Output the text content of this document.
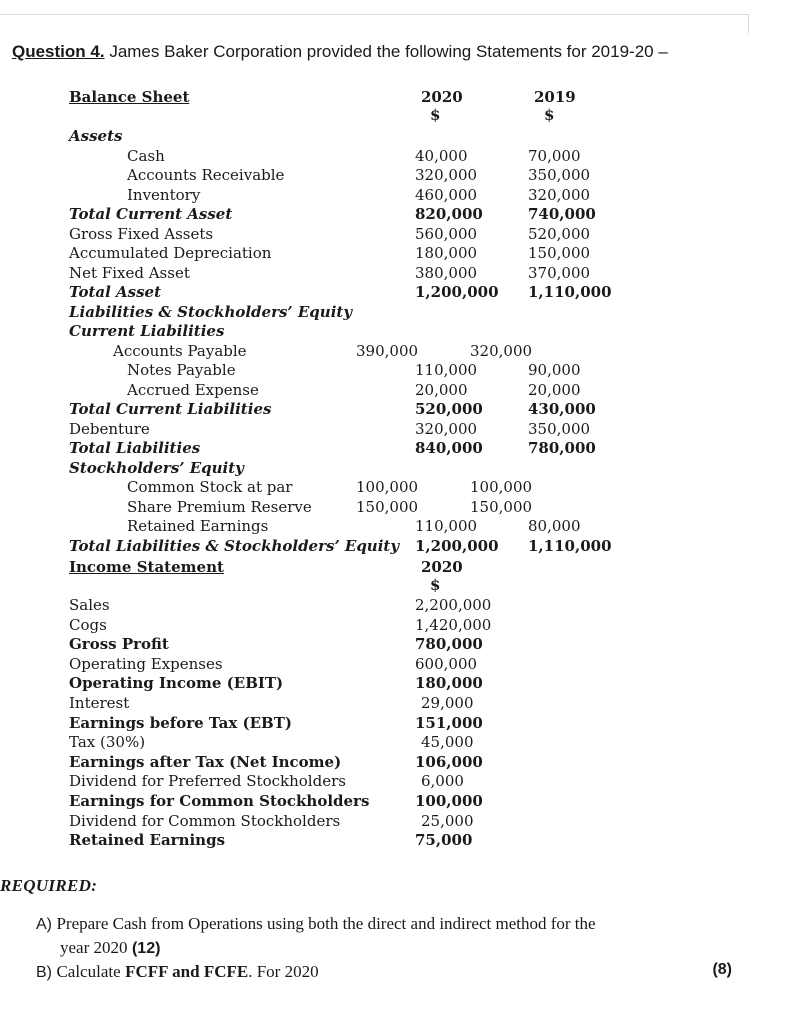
Question 4. James Baker Corporation provided the following Statements for 2019-20 –
Balance Sheet	2020	2019
$	$
Assets
Cash	40,000	70,000
Accounts Receivable	320,000	350,000
Inventory	460,000	320,000
Total Current Asset	820,000	740,000
Gross Fixed Assets	560,000	520,000
Accumulated Depreciation	180,000	150,000
Net Fixed Asset	380,000	370,000
Total Asset	1,200,000 1,110,000
Liabilities & Stockholders’ Equity
Current Liabilities
Accounts Payable	390,000	320,000
Notes Payable	110,000	90,000
Accrued Expense	20,000	20,000
Total Current Liabilities	520,000	430,000
Debenture	320,000	350,000
Total Liabilities	840,000	780,000
Stockholders’ Equity
Common Stock at par	100,000	100,000
Share Premium Reserve	150,000	150,000
Retained Earnings	110,000	80,000
Total Liabilities & Stockholders’ Equity 1,200,000 1,110,000
Income Statement	2020
$
Sales	2,200,000
Cogs	1,420,000
Gross Profit	780,000
Operating Expenses	600,000
Operating Income (EBIT)	180,000
Interest	29,000
Earnings before Tax (EBT)	151,000
Tax (30%)	45,000
Earnings after Tax (Net Income)	106,000
Dividend for Preferred Stockholders	6,000
Earnings for Common Stockholders	100,000
Dividend for Common Stockholders	25,000
Retained Earnings	75,000
REQUIRED:
A) Prepare Cash from Operations using both the direct and indirect method for the
year 2020 (12)
B) Calculate FCFF and FCFE. For 2020	(8)
